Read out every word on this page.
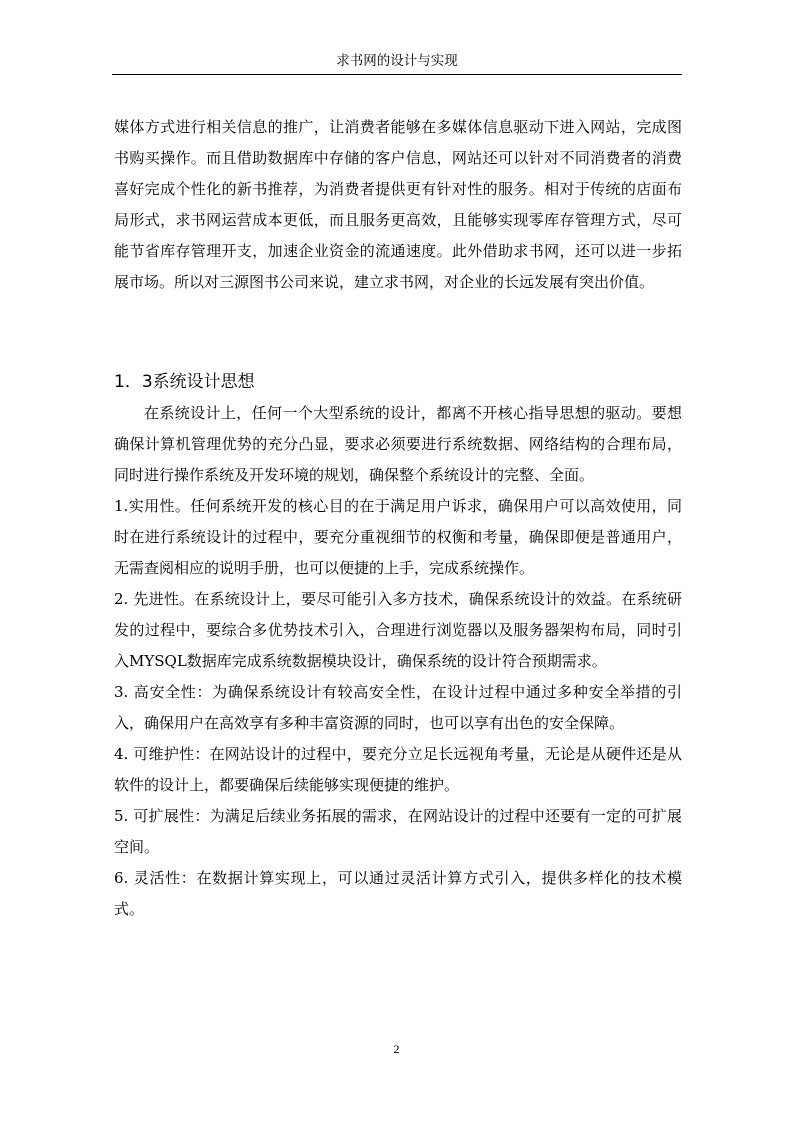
求书网的设计与实现

媒体方式进行相关信息的推广，让消费者能够在多媒体信息驱动下进入网站，完成图书购买操作。而且借助数据库中存储的客户信息，网站还可以针对不同消费者的消费喜好完成个性化的新书推荐，为消费者提供更有针对性的服务。相对于传统的店面布局形式，求书网运营成本更低，而且服务更高效，且能够实现零库存管理方式，尽可能节省库存管理开支，加速企业资金的流通速度。此外借助求书网，还可以进一步拓展市场。所以对三源图书公司来说，建立求书网，对企业的长远发展有突出价值。

1．3系统设计思想

在系统设计上，任何一个大型系统的设计，都离不开核心指导思想的驱动。要想确保计算机管理优势的充分凸显，要求必须要进行系统数据、网络结构的合理布局，同时进行操作系统及开发环境的规划，确保整个系统设计的完整、全面。

1.实用性。任何系统开发的核心目的在于满足用户诉求，确保用户可以高效使用，同时在进行系统设计的过程中，要充分重视细节的权衡和考量，确保即便是普通用户，无需查阅相应的说明手册，也可以便捷的上手，完成系统操作。

2. 先进性。在系统设计上，要尽可能引入多方技术，确保系统设计的效益。在系统研发的过程中，要综合多优势技术引入，合理进行浏览器以及服务器架构布局，同时引入MYSQL数据库完成系统数据模块设计，确保系统的设计符合预期需求。

3. 高安全性：为确保系统设计有较高安全性，在设计过程中通过多种安全举措的引入，确保用户在高效享有多种丰富资源的同时，也可以享有出色的安全保障。

4. 可维护性：在网站设计的过程中，要充分立足长远视角考量，无论是从硬件还是从软件的设计上，都要确保后续能够实现便捷的维护。

5. 可扩展性：为满足后续业务拓展的需求，在网站设计的过程中还要有一定的可扩展空间。

6. 灵活性：在数据计算实现上，可以通过灵活计算方式引入，提供多样化的技术模式。

2
